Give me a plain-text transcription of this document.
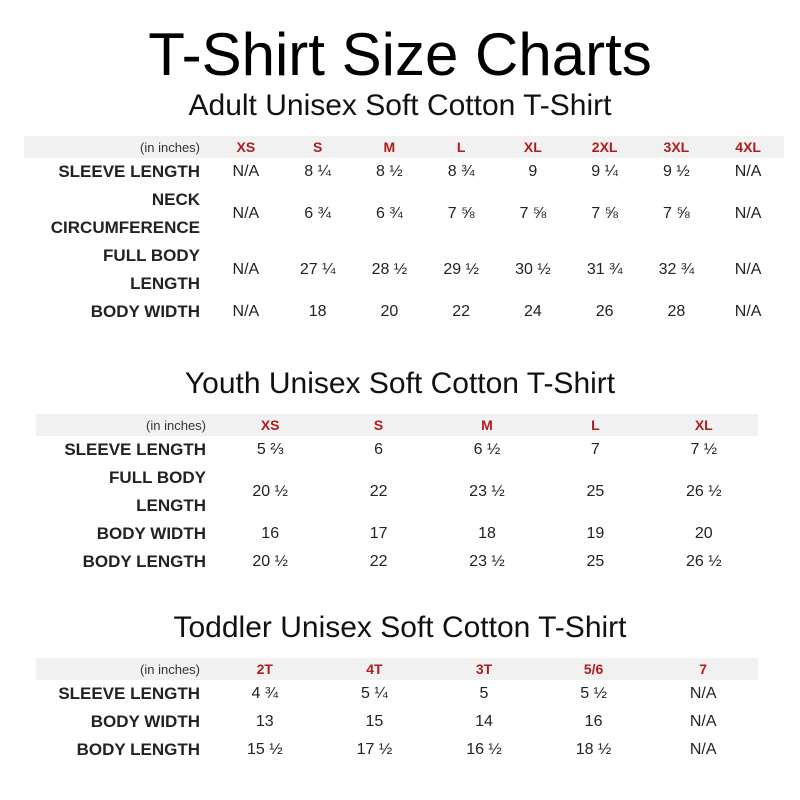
T-Shirt Size Charts
Adult Unisex Soft Cotton T-Shirt
(in inches)	XS	S	M	L	XL	2XL	3XL	4XL
SLEEVE LENGTH	N/A	8 ¼	8 ½	8 ¾	9	9 ¼	9 ½	N/A
NECK
CIRCUMFERENCE	N/A	6 ¾	6 ¾	7 ⅝	7 ⅝	7 ⅝	7 ⅝	N/A
FULL BODY
LENGTH	N/A	27 ¼	28 ½	29 ½	30 ½	31 ¾	32 ¾	N/A
BODY WIDTH	N/A	18	20	22	24	26	28	N/A
Youth Unisex Soft Cotton T-Shirt
(in inches)	XS	S	M	L	XL
SLEEVE LENGTH	5 ⅔	6	6 ½	7	7 ½
FULL BODY
LENGTH	20 ½	22	23 ½	25	26 ½
BODY WIDTH	16	17	18	19	20
BODY LENGTH	20 ½	22	23 ½	25	26 ½
Toddler Unisex Soft Cotton T-Shirt
(in inches)	2T	4T	3T	5/6	7
SLEEVE LENGTH	4 ¾	5 ¼	5	5 ½	N/A
BODY WIDTH	13	15	14	16	N/A
BODY LENGTH	15 ½	17 ½	16 ½	18 ½	N/A
